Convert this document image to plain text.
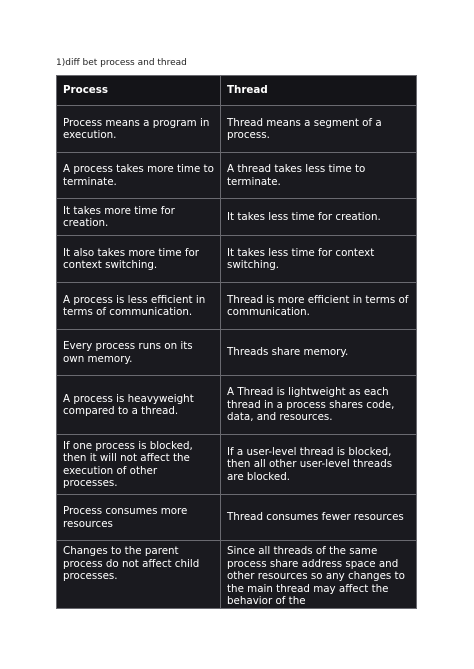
1)diff bet process and thread
Process	Thread
Process means a program in execution.	Thread means a segment of a process.
A process takes more time to terminate.	A thread takes less time to terminate.
It takes more time for creation.	It takes less time for creation.
It also takes more time for context switching.	It takes less time for context switching.
A process is less efficient in terms of communication.	Thread is more efficient in terms of communication.
Every process runs on its own memory.	Threads share memory.
A process is heavyweight compared to a thread.	A Thread is lightweight as each thread in a process shares code, data, and resources.
If one process is blocked, then it will not affect the execution of other processes.	If a user-level thread is blocked, then all other user-level threads are blocked.
Process consumes more resources	Thread consumes fewer resources
Changes to the parent process do not affect child processes.	Since all threads of the same process share address space and other resources so any changes to the main thread may affect the behavior of the
